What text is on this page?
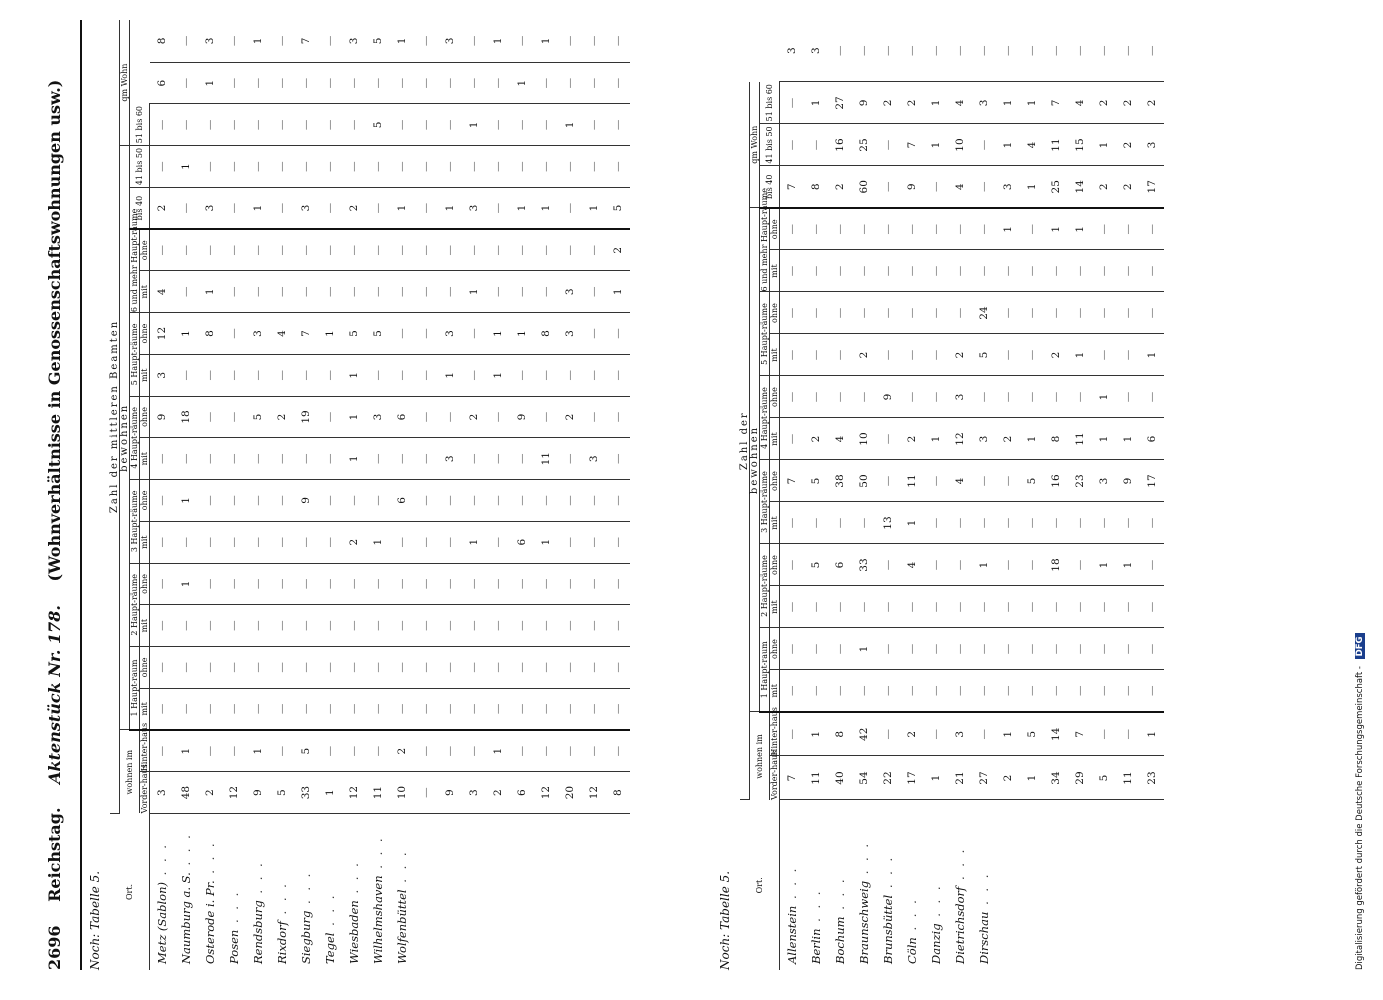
2696 Reichstag. Aktenstück Nr. 178. (Wohnverhältnisse in Genossenschaftswohnungen usw.)
Noch: Tabelle 5.	Ort.	Zahl der mittleren Beamten																		
	wohnen im		bewohnen														qm Wohn		
			1 Haupt-raum		2 Haupt-räume		3 Haupt-räume		4 Haupt-räume		5 Haupt-räume		6 und mehr Haupt-räume		bis 40	41 bis 50	51 bis 60		
	Vorder-haus	Hinter-haus	mit	ohne	mit	ohne	mit	ohne	mit	ohne	mit	ohne	mit	ohne					
Metz (Sablon) . . .	3	—	—	—	—	—	—	—	—	9	3	12	4	—	2	—	—	6	8
Naumburg a. S. . . .	48	1	—	—	—	1	—	1	—	18	—	1	—	—	—	1	—	—	—
Osterode i. Pr. . . .	2	—	—	—	—	—	—	—	—	—	—	8	1	—	3	—	—	1	3
Posen . . .	12	—	—	—	—	—	—	—	—	—	—	—	—	—	—	—	—	—	—
Rendsburg . . .	9	1	—	—	—	—	—	—	—	5	—	3	—	—	1	—	—	—	1
Rixdorf . . .	5	—	—	—	—	—	—	—	—	2	—	4	—	—	—	—	—	—	—
Siegburg . . .	33	5	—	—	—	—	—	9	—	19	—	7	—	—	3	—	—	—	7
Tegel . . .	1	—	—	—	—	—	—	—	—	—	—	1	—	—	—	—	—	—	—
Wiesbaden . . .	12	—	—	—	—	—	2	—	1	1	1	5	—	—	2	—	—	—	3
Wilhelmshaven . . .	11	—	—	—	—	—	1	—	—	3	—	5	—	—	—	—	5	—	5
Wolfenbüttel . . .	10	2	—	—	—	—	—	6	—	6	—	—	—	—	1	—	—	—	1
	—	—	—	—	—	—	—	—	—	—	—	—	—	—	—	—	—	—	—
	9	—	—	—	—	—	—	—	3	—	1	3	—	—	1	—	—	—	3
	3	—	—	—	—	—	1	—	—	2	—	—	1	—	3	—	1	—	—
	2	1	—	—	—	—	—	—	—	—	1	1	—	—	—	—	—	—	1
	6	—	—	—	—	—	6	—	—	9	—	1	—	—	1	—	—	1	—
	12	—	—	—	—	—	1	—	11	—	—	8	—	—	1	—	—	—	1
	20	—	—	—	—	—	—	—	—	2	—	3	3	—	—	—	1	—	—
	12	—	—	—	—	—	—	—	3	—	—	—	—	—	1	—	—	—	—
	8	—	—	—	—	—	—	—	—	—	—	—	1	2	5	—	—	—	—
Noch: Tabelle 5.	Ort.	Zahl der																	
	wohnen im		bewohnen												qm Wohn			
			1 Haupt-raum		2 Haupt-räume		3 Haupt-räume		4 Haupt-räume		5 Haupt-räume		6 und mehr Haupt-räume		bis 40	41 bis 50	51 bis 60	
	Vorder-haus	Hinter-haus	mit	ohne	mit	ohne	mit	ohne	mit	ohne	mit	ohne	mit	ohne				
Allenstein . . .	7	—	—	—	—	—	—	7	—	—	—	—	—	—	7	—	—	3
Berlin . . .	11	1	—	—	—	5	—	5	2	—	—	—	—	—	8	—	1	3
Bochum . . .	40	8	—	—	—	6	—	38	4	—	—	—	—	—	2	16	27	—
Braunschweig . . .	54	42	—	1	—	33	—	50	10	—	2	—	—	—	60	25	9	—
Brunsbüttel . . .	22	—	—	—	—	—	13	—	—	9	—	—	—	—	—	—	2	—
Cöln . . .	17	2	—	—	—	4	1	11	2	—	—	—	—	—	9	7	2	—
Danzig . . .	1	—	—	—	—	—	—	—	1	—	—	—	—	—	—	1	1	—
Dietrichsdorf . . .	21	3	—	—	—	—	—	4	12	3	2	—	—	—	4	10	4	—
Dirschau . . .	27	—	—	—	—	1	—	—	3	—	5	24	—	—	—	—	3	—
	2	1	—	—	—	—	—	—	2	—	—	—	—	1	3	1	1	—
	1	5	—	—	—	—	—	5	1	—	—	—	—	—	1	4	1	—
	34	14	—	—	—	18	—	16	8	—	2	—	—	1	25	11	7	—
	29	7	—	—	—	—	—	23	11	—	1	—	—	1	14	15	4	—
	5	—	—	—	—	1	—	3	1	1	—	—	—	—	2	1	2	—
	11	—	—	—	—	1	—	9	1	—	—	—	—	—	2	2	2	—
	23	1	—	—	—	—	—	17	6	—	1	—	—	—	17	3	2	—
Digitalisierung gefördert durch die Deutsche Forschungsgemeinschaft - DFG
